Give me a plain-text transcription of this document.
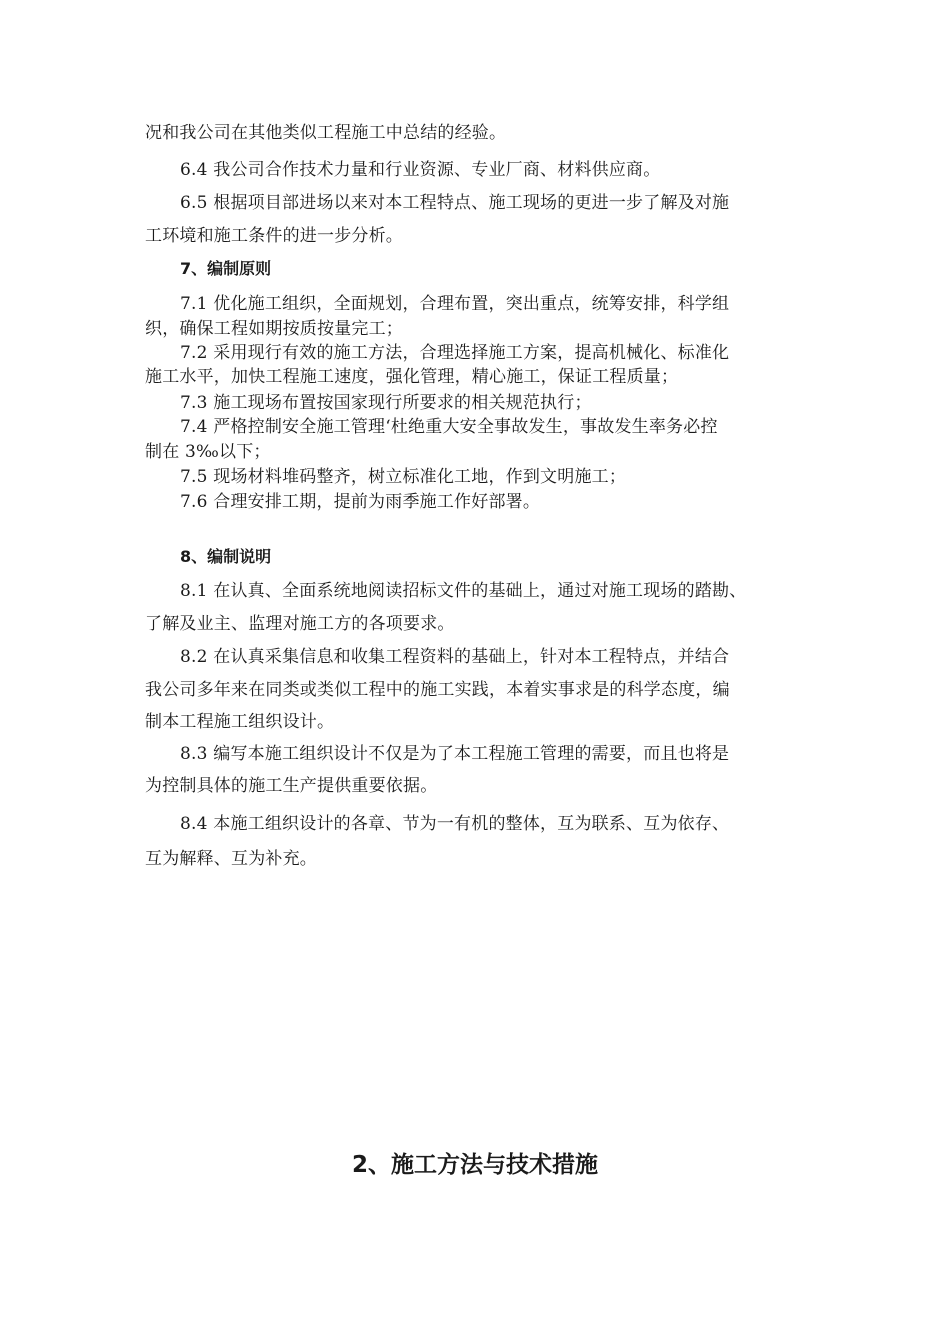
况和我公司在其他类似工程施工中总结的经验。
6.4 我公司合作技术力量和行业资源、专业厂商、材料供应商。
6.5 根据项目部进场以来对本工程特点、施工现场的更进一步了解及对施
工环境和施工条件的进一步分析。
7、编制原则
7.1 优化施工组织，全面规划，合理布置，突出重点，统筹安排，科学组
织，确保工程如期按质按量完工；
7.2 采用现行有效的施工方法，合理选择施工方案，提高机械化、标准化
施工水平，加快工程施工速度，强化管理，精心施工，保证工程质量；
7.3 施工现场布置按国家现行所要求的相关规范执行；
7.4 严格控制安全施工管理‘杜绝重大安全事故发生，事故发生率务必控
制在 3‰以下；
7.5 现场材料堆码整齐，树立标准化工地，作到文明施工；
7.6 合理安排工期，提前为雨季施工作好部署。
8、编制说明
8.1 在认真、全面系统地阅读招标文件的基础上，通过对施工现场的踏勘、
了解及业主、监理对施工方的各项要求。
8.2 在认真采集信息和收集工程资料的基础上，针对本工程特点，并结合
我公司多年来在同类或类似工程中的施工实践，本着实事求是的科学态度，编
制本工程施工组织设计。
8.3 编写本施工组织设计不仅是为了本工程施工管理的需要，而且也将是
为控制具体的施工生产提供重要依据。
8.4 本施工组织设计的各章、节为一有机的整体，互为联系、互为依存、
互为解释、互为补充。
2、施工方法与技术措施
